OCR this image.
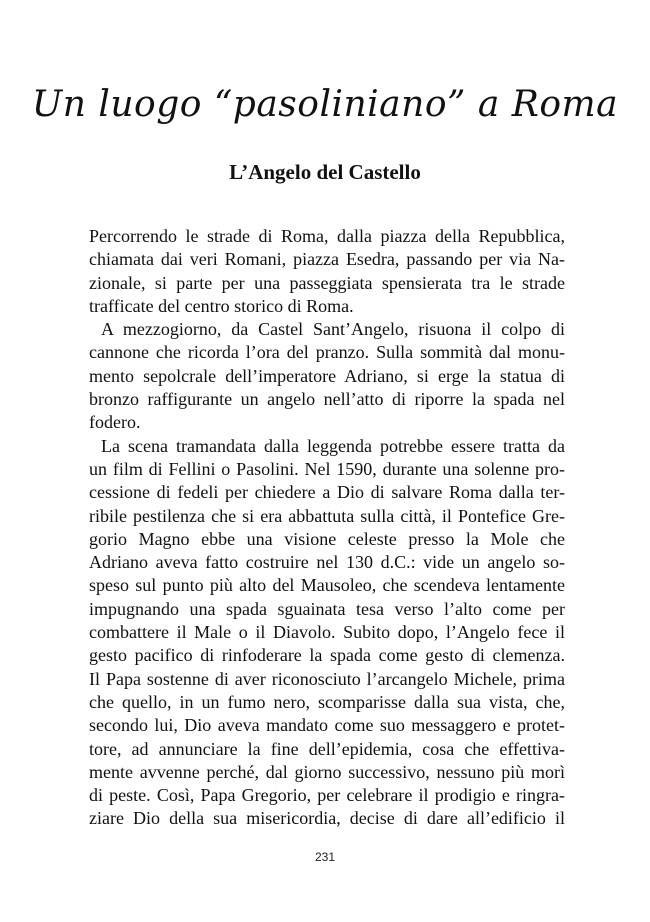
Un luogo “pasoliniano” a Roma
L’Angelo del Castello

Percorrendo le strade di Roma, dalla piazza della Repubblica,
chiamata dai veri Romani, piazza Esedra, passando per via Na-
zionale, si parte per una passeggiata spensierata tra le strade
trafficate del centro storico di Roma.

A mezzogiorno, da Castel Sant’Angelo, risuona il colpo di
cannone che ricorda l’ora del pranzo. Sulla sommità dal monu-
mento sepolcrale dell’imperatore Adriano, si erge la statua di
bronzo raffigurante un angelo nell’atto di riporre la spada nel
fodero.

La scena tramandata dalla leggenda potrebbe essere tratta da
un film di Fellini o Pasolini. Nel 1590, durante una solenne pro-
cessione di fedeli per chiedere a Dio di salvare Roma dalla ter-
ribile pestilenza che si era abbattuta sulla città, il Pontefice Gre-
gorio Magno ebbe una visione celeste presso la Mole che
Adriano aveva fatto costruire nel 130 d.C.: vide un angelo so-
speso sul punto più alto del Mausoleo, che scendeva lentamente
impugnando una spada sguainata tesa verso l’alto come per
combattere il Male o il Diavolo. Subito dopo, l’Angelo fece il
gesto pacifico di rinfoderare la spada come gesto di clemenza.
Il Papa sostenne di aver riconosciuto l’arcangelo Michele, prima
che quello, in un fumo nero, scomparisse dalla sua vista, che,
secondo lui, Dio aveva mandato come suo messaggero e protet-
tore, ad annunciare la fine dell’epidemia, cosa che effettiva-
mente avvenne perché, dal giorno successivo, nessuno più morì
di peste. Così, Papa Gregorio, per celebrare il prodigio e ringra-
ziare Dio della sua misericordia, decise di dare all’edificio il

231
